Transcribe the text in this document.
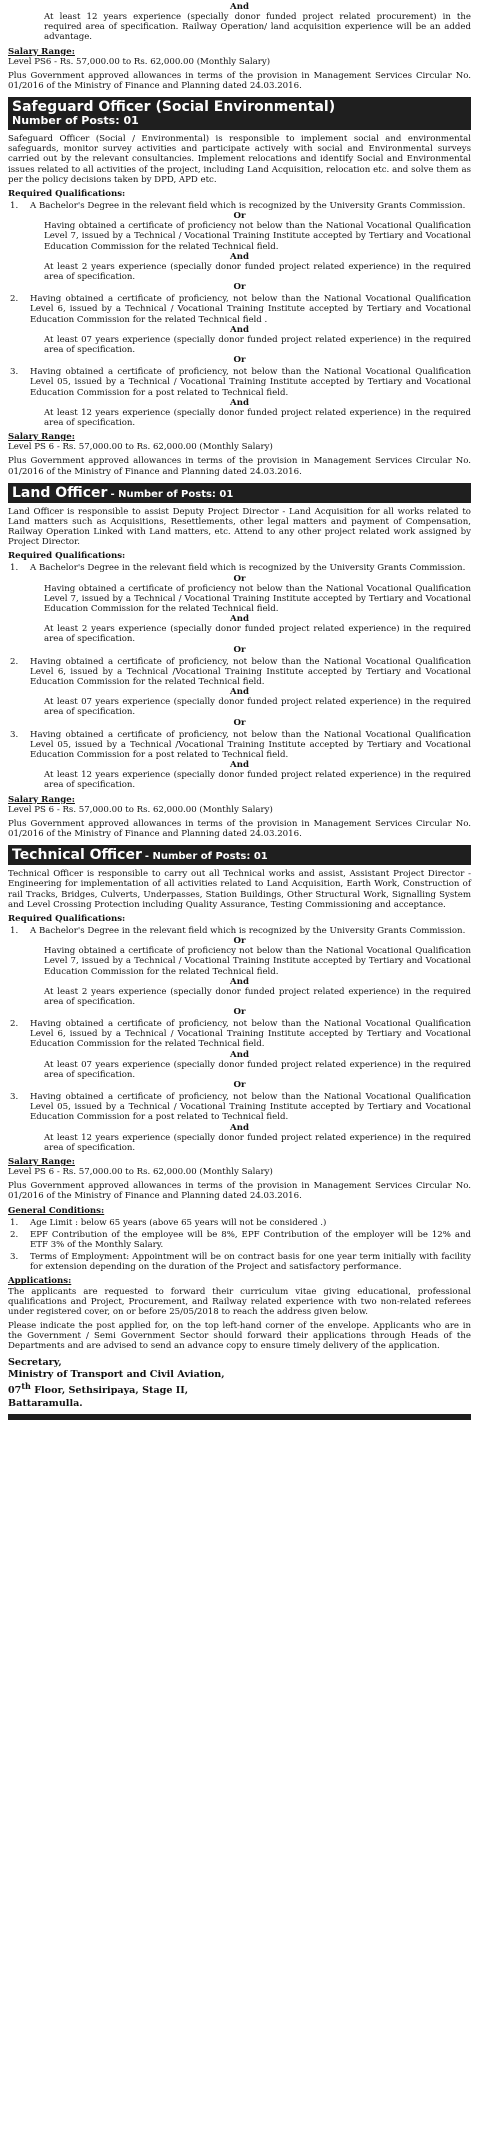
And

At least 12 years experience (specially donor funded project related procurement) in the required area of specification. Railway Operation/ land acquisition experience will be an added advantage.

Salary Range:

Level PS6 - Rs. 57,000.00 to Rs. 62,000.00 (Monthly Salary)

Plus Government approved allowances in terms of the provision in Management Services Circular No. 01/2016 of the Ministry of Finance and Planning dated 24.03.2016.

Safeguard Officer (Social Environmental)
Number of Posts: 01

Safeguard Officer (Social / Environmental) is responsible to implement social and environmental safeguards, monitor survey activities and participate actively with social and Environmental surveys carried out by the relevant consultancies. Implement relocations and identify Social and Environmental issues related to all activities of the project, including Land Acquisition, relocation etc. and solve them as per the policy decisions taken by DPD, APD etc.

Required Qualifications:
1.	A Bachelor's Degree in the relevant field which is recognized by the University Grants Commission.

Or

Having obtained a certificate of proficiency not below than the National Vocational Qualification Level 7, issued by a Technical / Vocational Training Institute accepted by Tertiary and Vocational Education Commission for the related Technical field.

And

At least 2 years experience (specially donor funded project related experience) in the required area of specification.

Or

2.	Having obtained a certificate of proficiency, not below than the National Vocational Qualification Level 6, issued by a Technical / Vocational Training Institute accepted by Tertiary and Vocational Education Commission for the related Technical field .

And

At least 07 years experience (specially donor funded project related experience) in the required area of specification.

Or

3.	Having obtained a certificate of proficiency, not below than the National Vocational Qualification Level 05, issued by a Technical / Vocational Training Institute accepted by Tertiary and Vocational Education Commission for a post related to Technical field.

And

At least 12 years experience (specially donor funded project related experience) in the required area of specification.

Salary Range:

Level PS 6 - Rs. 57,000.00 to Rs. 62,000.00 (Monthly Salary)

Plus Government approved allowances in terms of the provision in Management Services Circular No. 01/2016 of the Ministry of Finance and Planning dated 24.03.2016.

Land Officer - Number of Posts: 01

Land Officer is responsible to assist Deputy Project Director - Land Acquisition for all works related to Land matters such as Acquisitions, Resettlements, other legal matters and payment of Compensation, Railway Operation Linked with Land matters, etc. Attend to any other project related work assigned by Project Director.

Required Qualifications:
1.	A Bachelor's Degree in the relevant field which is recognized by the University Grants Commission.

Or

Having obtained a certificate of proficiency not below than the National Vocational Qualification Level 7, issued by a Technical / Vocational Training Institute accepted by Tertiary and Vocational Education Commission for the related Technical field.

And

At least 2 years experience (specially donor funded project related experience) in the required area of specification.

Or

2.	Having obtained a certificate of proficiency, not below than the National Vocational Qualification Level 6, issued by a Technical /Vocational Training Institute accepted by Tertiary and Vocational Education Commission for the related Technical field.

And

At least 07 years experience (specially donor funded project related experience) in the required area of specification.

Or

3.	Having obtained a certificate of proficiency, not below than the National Vocational Qualification Level 05, issued by a Technical /Vocational Training Institute accepted by Tertiary and Vocational Education Commission for a post related to Technical field.

And

At least 12 years experience (specially donor funded project related experience) in the required area of specification.

Salary Range:

Level PS 6 - Rs. 57,000.00 to Rs. 62,000.00 (Monthly Salary)

Plus Government approved allowances in terms of the provision in Management Services Circular No. 01/2016 of the Ministry of Finance and Planning dated 24.03.2016.

Technical Officer - Number of Posts: 01

Technical Officer is responsible to carry out all Technical works and assist, Assistant Project Director - Engineering for implementation of all activities related to Land Acquisition, Earth Work, Construction of rail Tracks, Bridges, Culverts, Underpasses, Station Buildings, Other Structural Work, Signalling System and Level Crossing Protection including Quality Assurance, Testing Commissioning and acceptance.

Required Qualifications:
1.	A Bachelor's Degree in the relevant field which is recognized by the University Grants Commission.

Or

Having obtained a certificate of proficiency not below than the National Vocational Qualification Level 7, issued by a Technical / Vocational Training Institute accepted by Tertiary and Vocational Education Commission for the related Technical field.

And

At least 2 years experience (specially donor funded project related experience) in the required area of specification.

Or

2.	Having obtained a certificate of proficiency, not below than the National Vocational Qualification Level 6, issued by a Technical / Vocational Training Institute accepted by Tertiary and Vocational Education Commission for the related Technical field.

And

At least 07 years experience (specially donor funded project related experience) in the required area of specification.

Or

3.	Having obtained a certificate of proficiency, not below than the National Vocational Qualification Level 05, issued by a Technical / Vocational Training Institute accepted by Tertiary and Vocational Education Commission for a post related to Technical field.

And

At least 12 years experience (specially donor funded project related experience) in the required area of specification.

Salary Range:

Level PS 6 - Rs. 57,000.00 to Rs. 62,000.00 (Monthly Salary)

Plus Government approved allowances in terms of the provision in Management Services Circular No. 01/2016 of the Ministry of Finance and Planning dated 24.03.2016.

General Conditions:
1.	Age Limit : below 65 years (above 65 years will not be considered .)
2.	EPF Contribution of the employee will be 8%, EPF Contribution of the employer will be 12% and ETF 3% of the Monthly Salary.
3.	Terms of Employment: Appointment will be on contract basis for one year term initially with facility for extension depending on the duration of the Project and satisfactory performance.
Applications:

The applicants are requested to forward their curriculum vitae giving educational, professional qualifications and Project, Procurement, and Railway related experience with two non-related referees under registered cover, on or before 25/05/2018 to reach the address given below.

Please indicate the post applied for, on the top left-hand corner of the envelope. Applicants who are in the Government / Semi Government Sector should forward their applications through Heads of the Departments and are advised to send an advance copy to ensure timely delivery of the application.

Secretary,
Ministry of Transport and Civil Aviation,
07th Floor, Sethsiripaya, Stage II,
Battaramulla.
